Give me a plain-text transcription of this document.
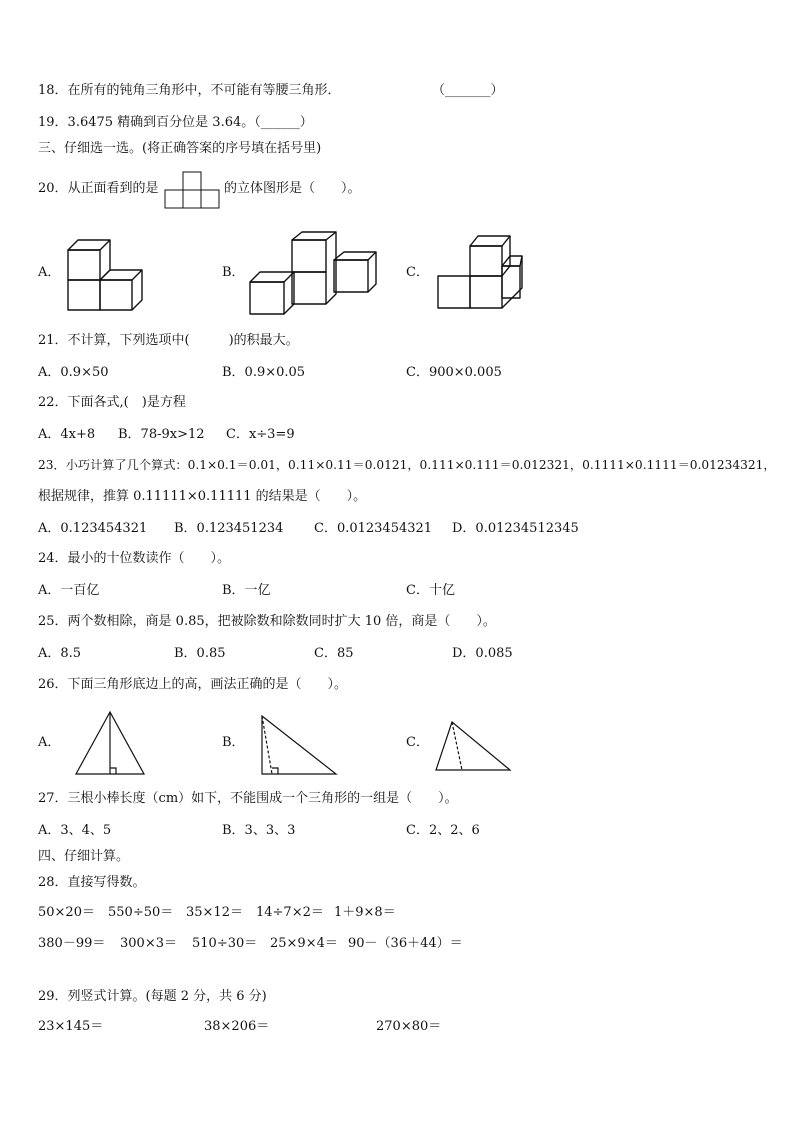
18．在所有的钝角三角形中，不可能有等腰三角形．	（_______）
19．3.6475 精确到百分位是 3.64。（______）
三、仔细选一选。(将正确答案的序号填在括号里)
20．从正面看到的是	的立体图形是（　　）。
A．	B．	C．
21．不计算，下列选项中(　　　)的积最大。
A．0.9×50	B．0.9×0.05	C．900×0.005
22．下面各式,(　)是方程
A．4x+8 B．78-9x>12 C．x÷3=9
23．小巧计算了几个算式：0.1×0.1＝0.01，0.11×0.11＝0.0121，0.111×0.111＝0.012321，0.1111×0.1111＝0.01234321，
根据规律，推算 0.11111×0.11111 的结果是（　　）。
A．0.123454321 B．0.123451234 C．0.0123454321 D．0.01234512345
24．最小的十位数读作（　　）。
A．一百亿	B．一亿	C．十亿
25．两个数相除，商是 0.85，把被除数和除数同时扩大 10 倍，商是（　　）。
A．8.5	B．0.85	C．85	D．0.085
26．下面三角形底边上的高，画法正确的是（　　）。
A．	B．	C．
27．三根小棒长度（cm）如下，不能围成一个三角形的一组是（　　）。
A．3、4、5	B．3、3、3	C．2、2、6
四、仔细计算。
28．直接写得数。
50×20＝ 550÷50＝ 35×12＝ 14÷7×2＝ 1＋9×8＝
380－99＝ 300×3＝ 510÷30＝ 25×9×4＝ 90－（36＋44）＝
29．列竖式计算。(每题 2 分，共 6 分)
23×145＝	38×206＝	270×80＝
